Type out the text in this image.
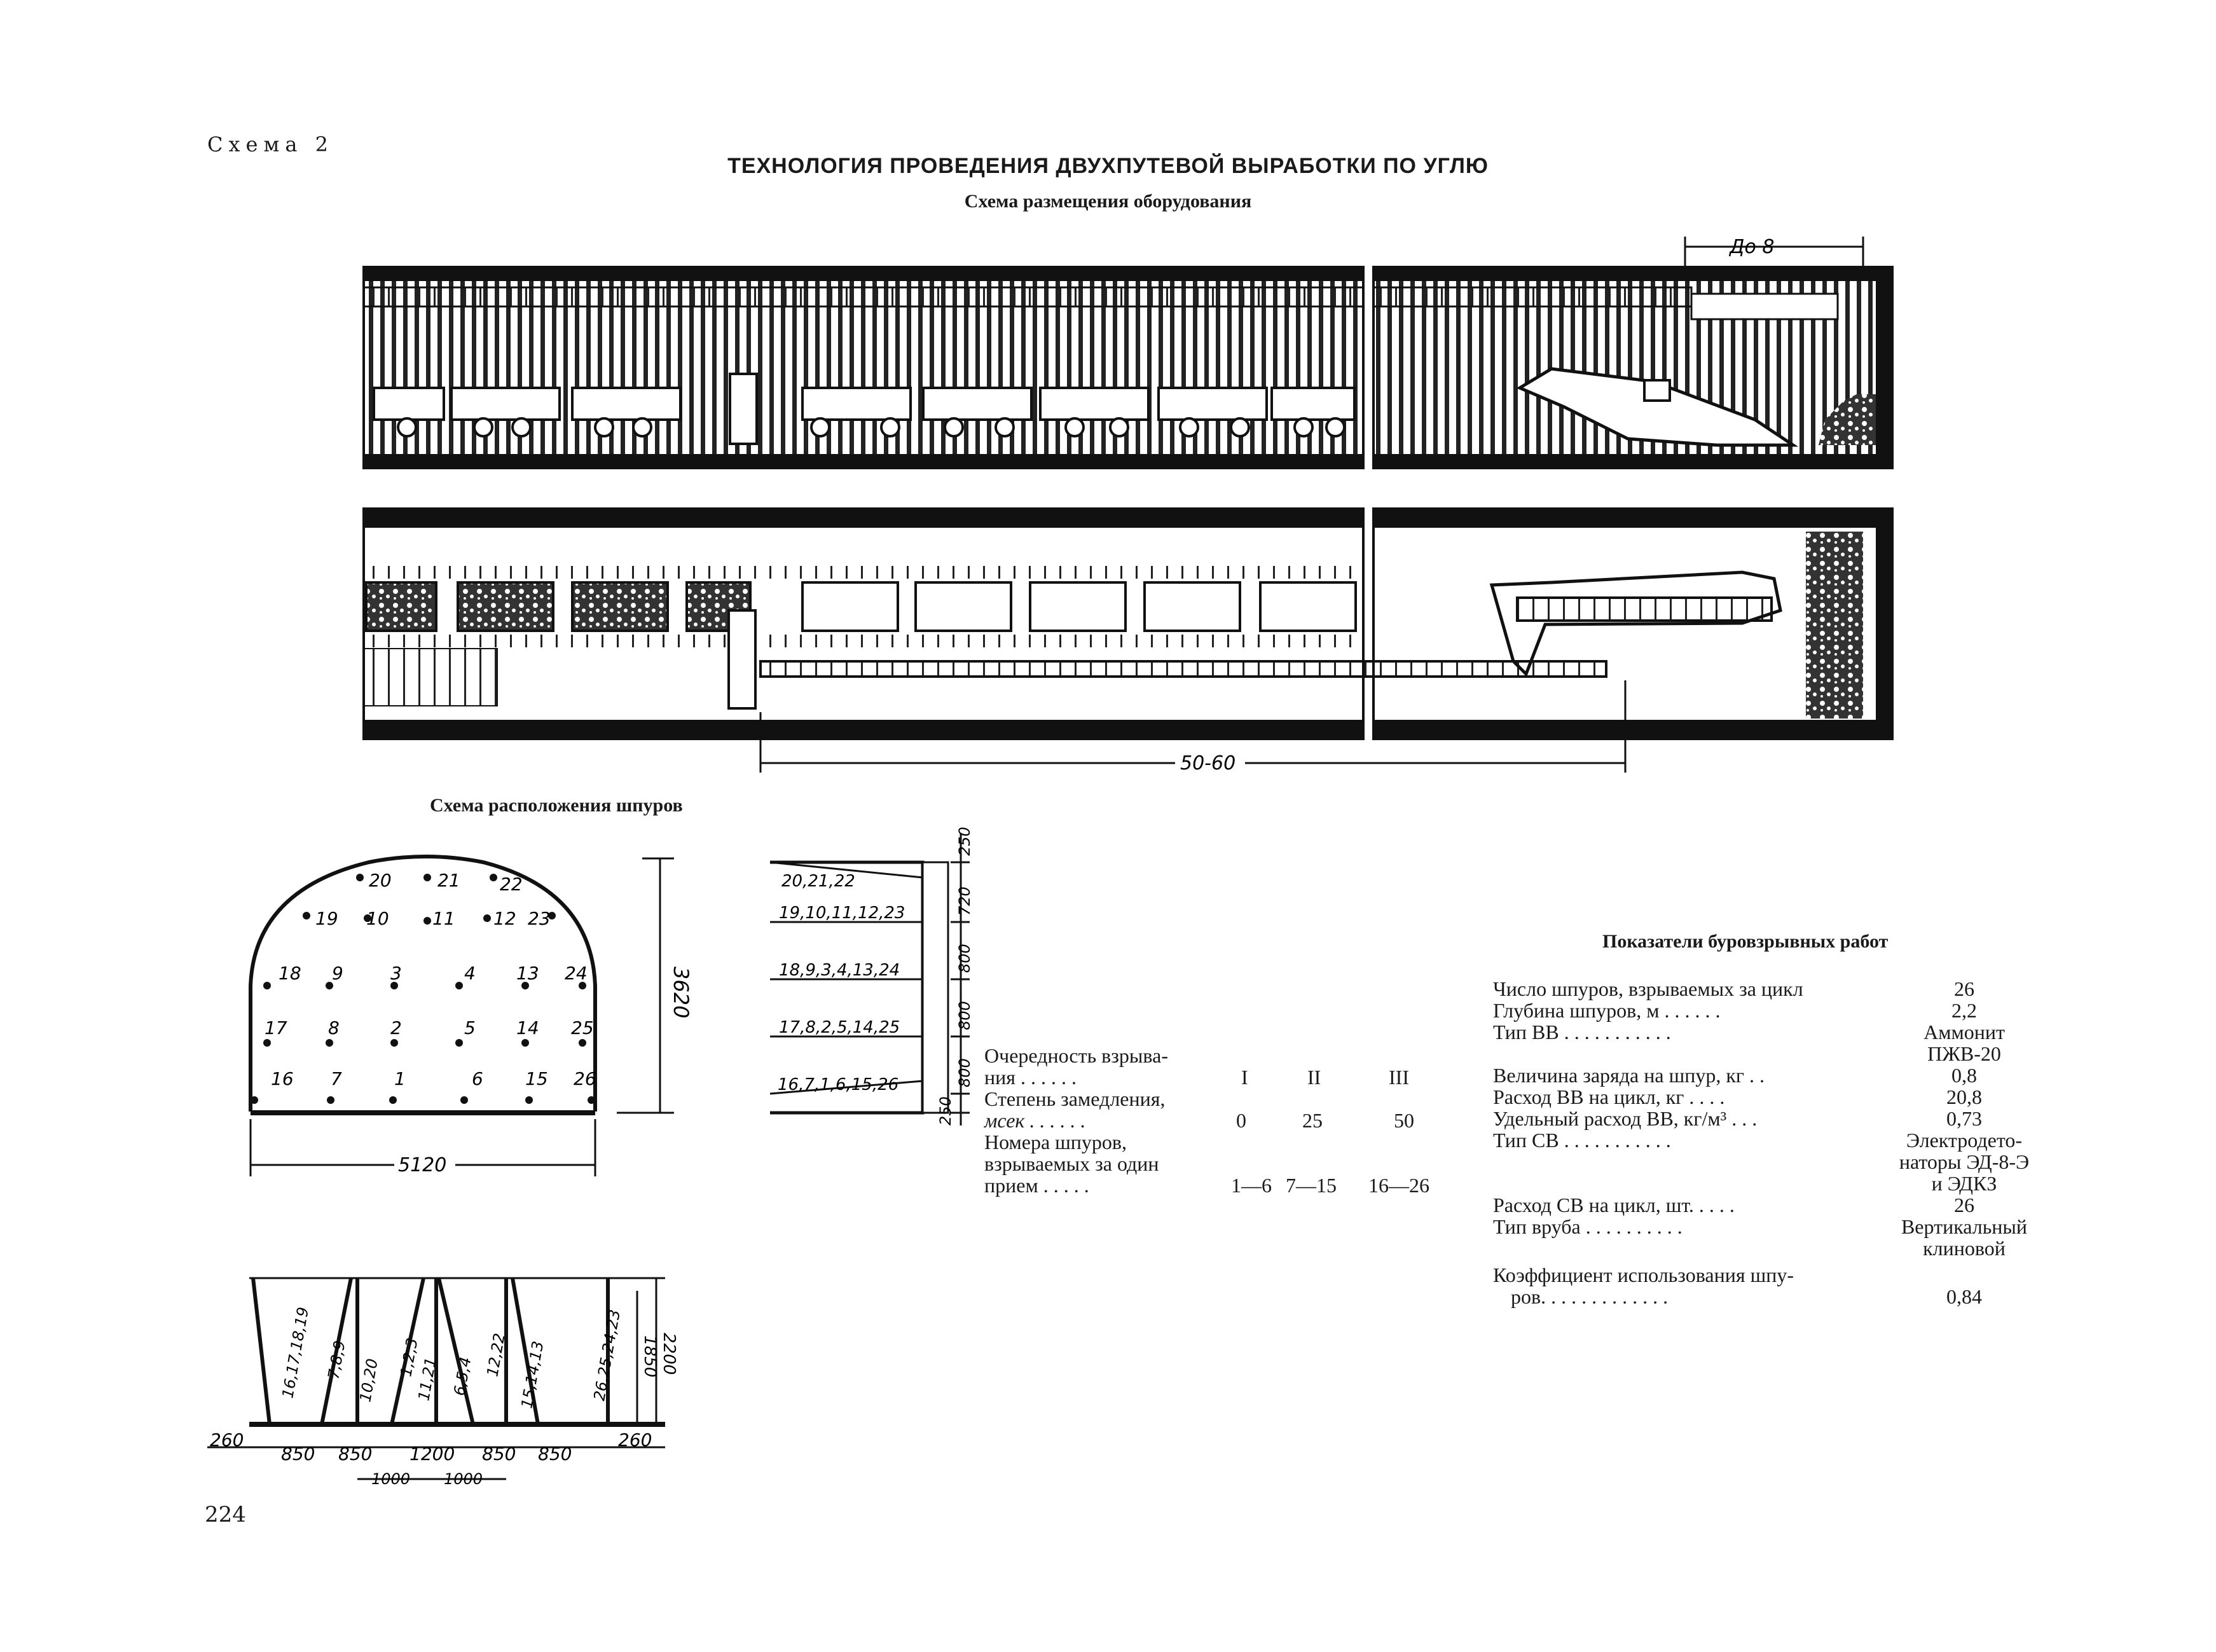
Схема 2
ТЕХНОЛОГИЯ ПРОВЕДЕНИЯ ДВУХПУТЕВОЙ ВЫРАБОТКИ ПО УГЛЮ
Схема размещения оборудования
До 8
50-60
Схема расположения шпуров
3620
5120
20	21 22
19 10 11 12 23
18 9	3	4 13 24
17 8	2	5 14 25
16 7	1	6 15 26
20,21,22
19,10,11,12,23
18,9,3,4,13,24
17,8,2,5,14,25
16,7,1,6,15,26
250
720
800
800
800
250
16,17,18,19 7,8,9 10,20 1,2,3
11,21 6,5,4 12,22 15,14,13	26,25,24,23 1850 2200
260
850 850 1200 850 850
260
1000 1000
Очередность взрыва-
ния . . . . . .	I	II	III
Степень замедления,
мсек . . . . . .	0	25	50
Номера шпуров,
взрываемых за один
прием . . . . .	1—6 7—15 16—26
Показатели буровзрывных работ
Число шпуров, взрываемых за цикл	26
Глубина шпуров, м . . . . . .	2,2
Тип ВВ . . . . . . . . . . .	Аммонит
ПЖВ-20
Величина заряда на шпур, кг . .	0,8
Расход ВВ на цикл, кг . . . .	20,8
Удельный расход ВВ, кг/м³ . . .	0,73
Тип СВ . . . . . . . . . . .	Электродето-
наторы ЭД-8-Э
и ЭДКЗ
Расход СВ на цикл, шт. . . . .	26
Тип вруба . . . . . . . . . .	Вертикальный
клиновой
Коэффициент использования шпу-
ров. . . . . . . . . . . . .	0,84
224
